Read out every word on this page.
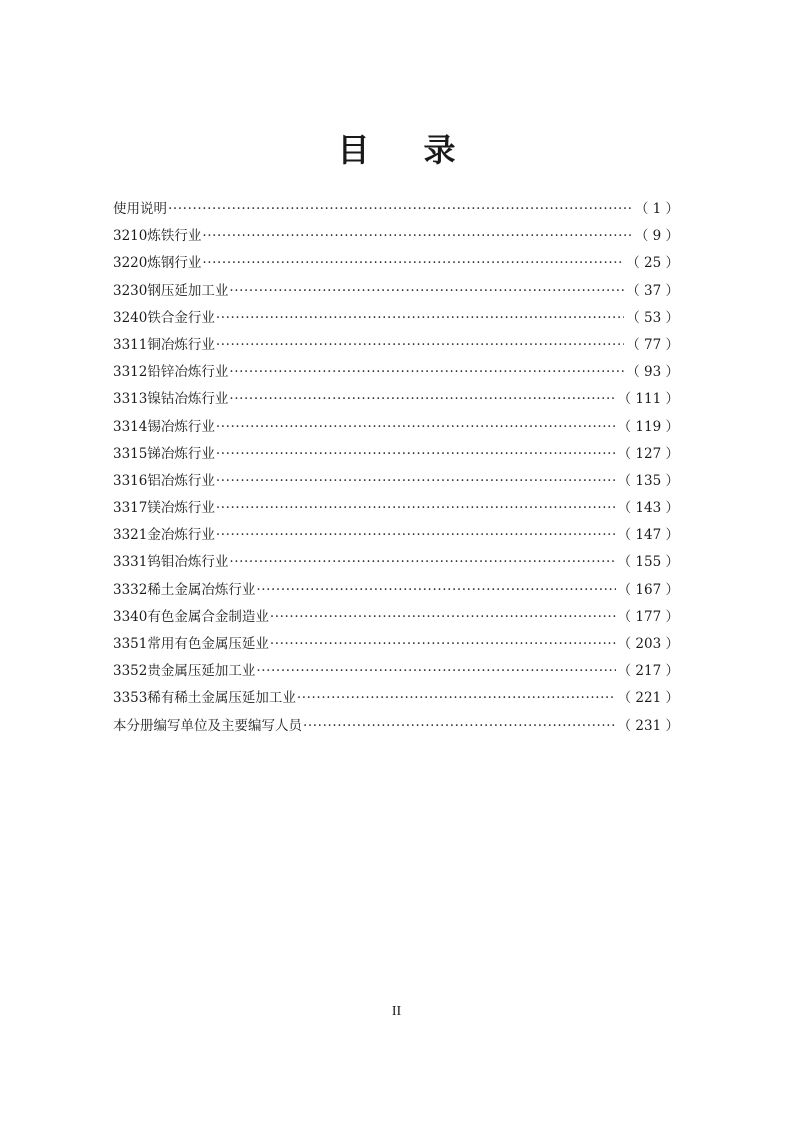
目 录
使用说明 ·····	（ 1 ）
3210炼铁行业 ·····	（ 9 ）
3220炼钢行业 ·····	（ 25 ）
3230钢压延加工业 ·····	（ 37 ）
3240铁合金行业 ·····	（ 53 ）
3311铜冶炼行业 ·····	（ 77 ）
3312铅锌冶炼行业 ·····	（ 93 ）
3313镍钴冶炼行业 ·····	（ 111 ）
3314锡冶炼行业 ·····	（ 119 ）
3315锑冶炼行业 ·····	（ 127 ）
3316铝冶炼行业 ·····	（ 135 ）
3317镁冶炼行业 ·····	（ 143 ）
3321金冶炼行业 ·····	（ 147 ）
3331钨钼冶炼行业 ·····	（ 155 ）
3332稀土金属冶炼行业 ·····	（ 167 ）
3340有色金属合金制造业 ·····	（ 177 ）
3351常用有色金属压延业 ·····	（ 203 ）
3352贵金属压延加工业 ·····	（ 217 ）
3353稀有稀土金属压延加工业 ·····	（ 221 ）
本分册编写单位及主要编写人员 ·····	（ 231 ）
II
